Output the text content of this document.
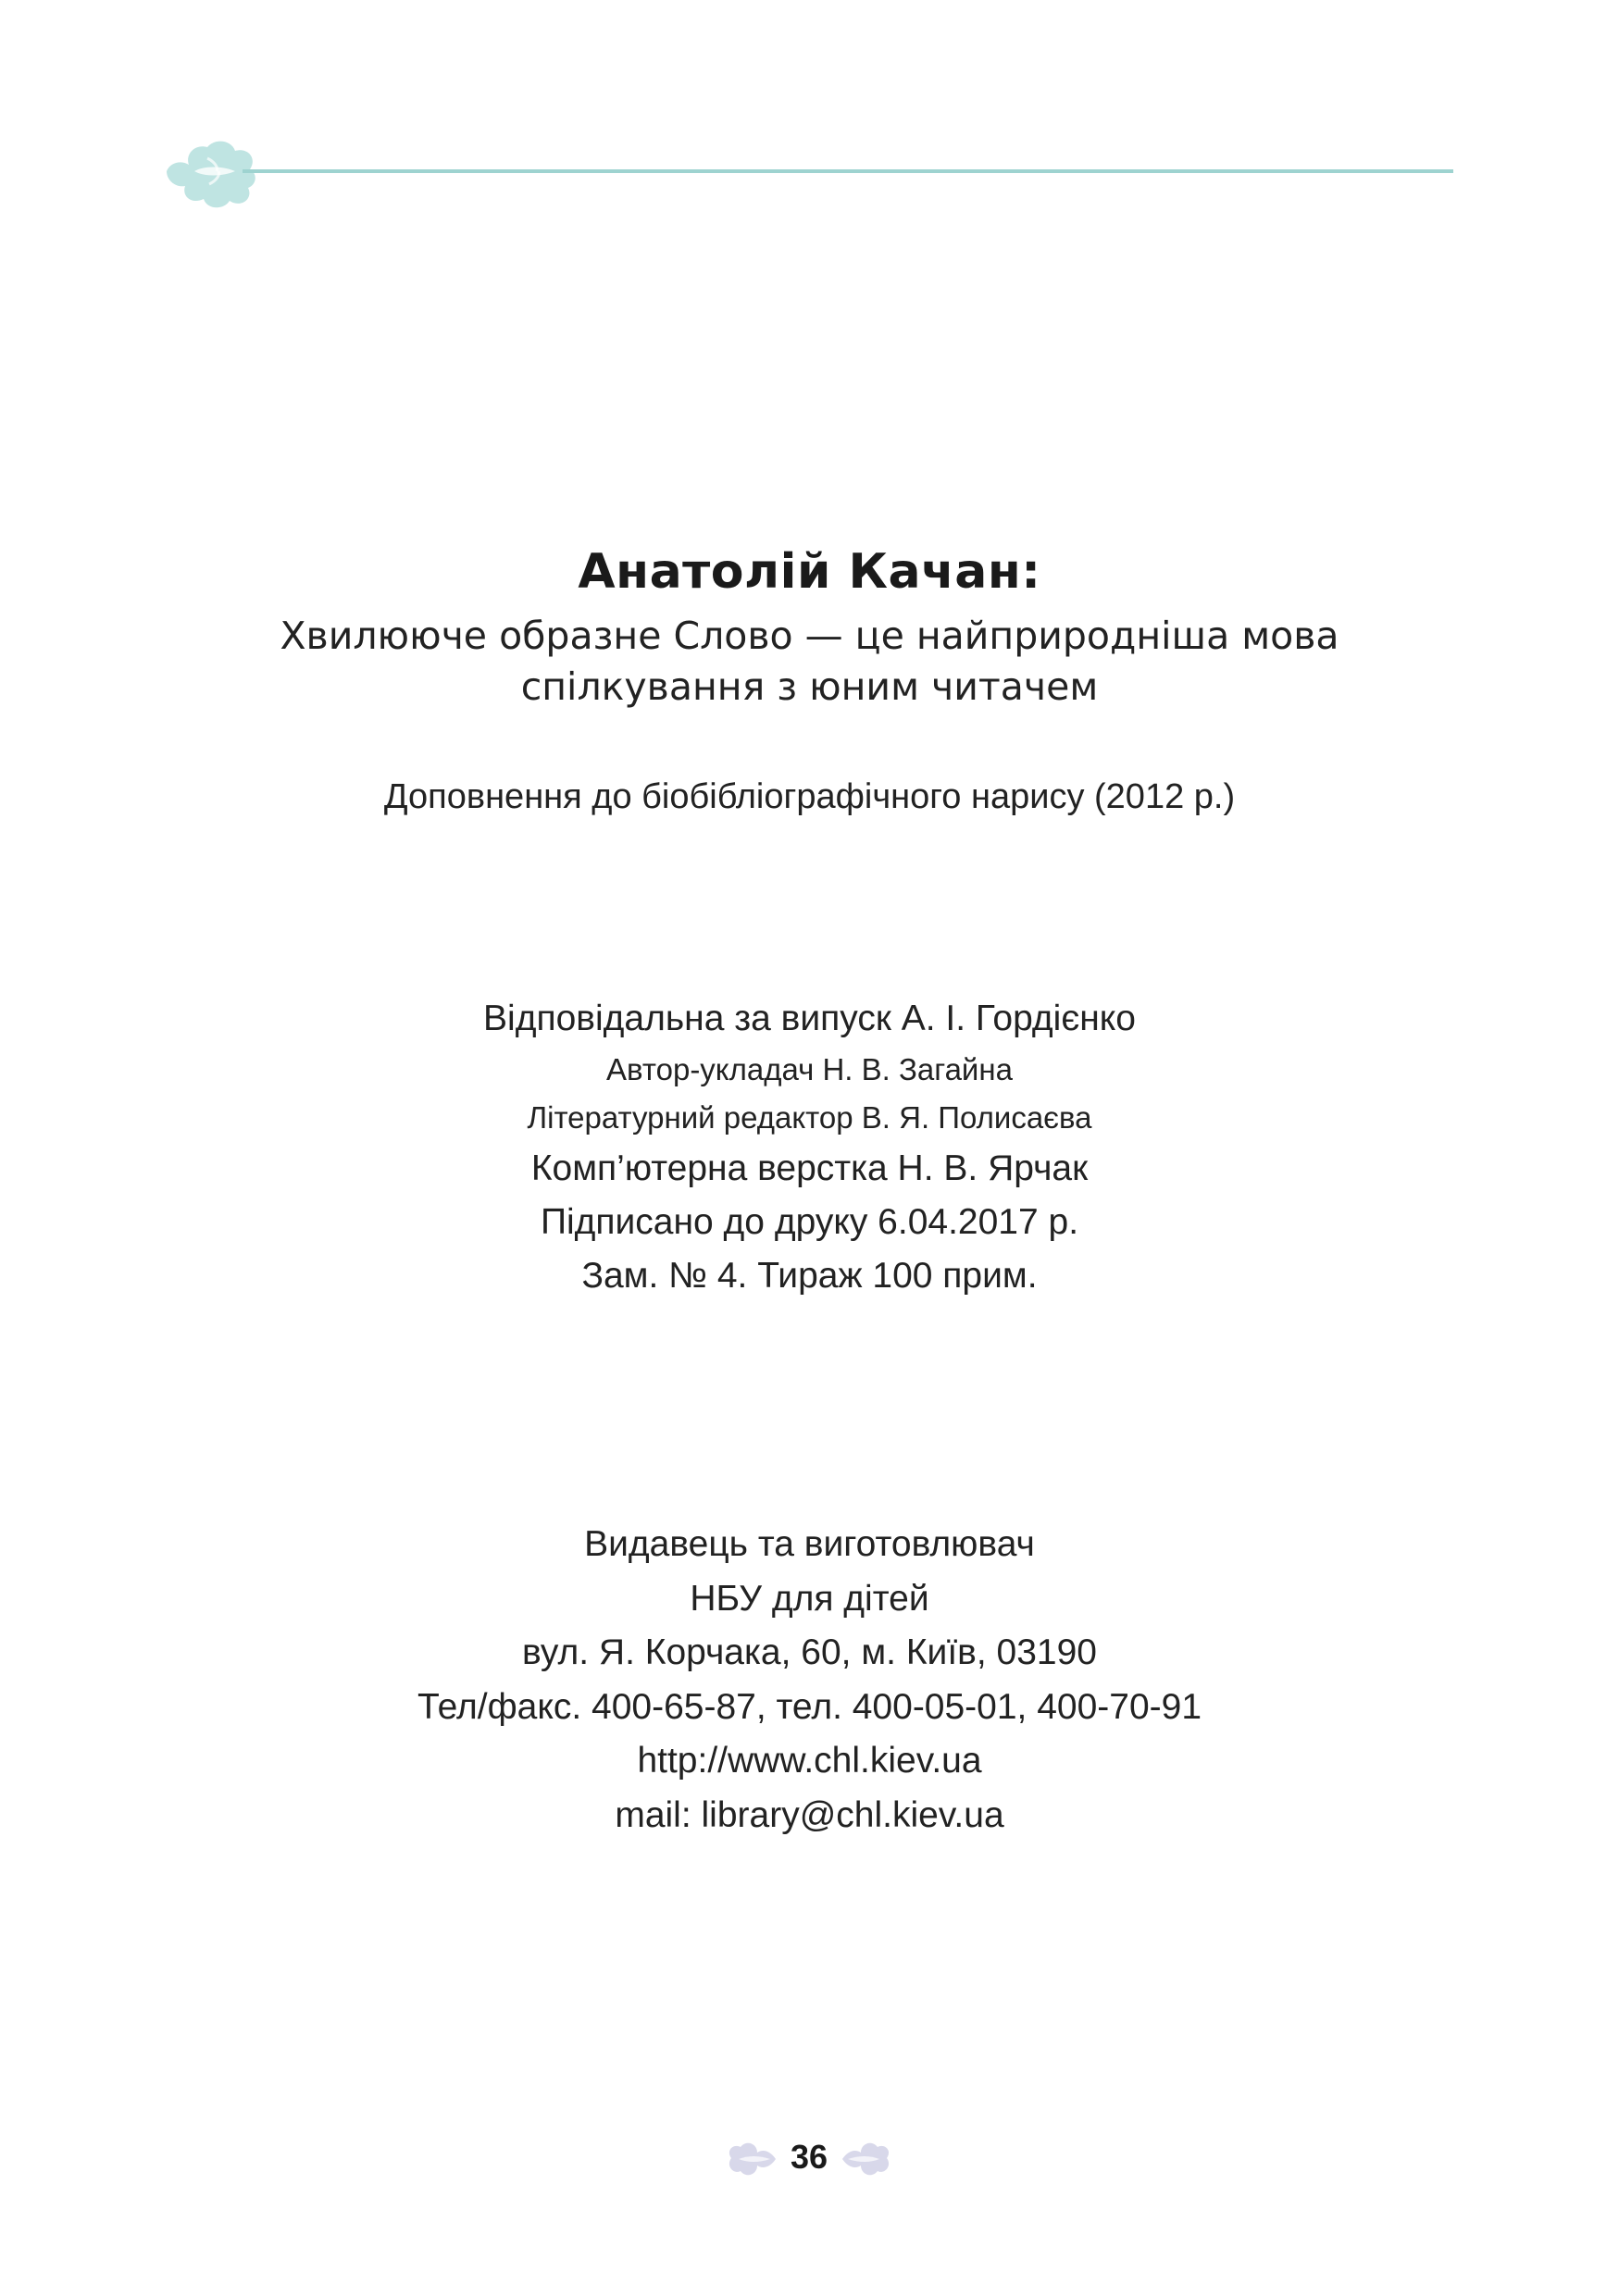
Анатолій Качан:
Хвилююче образне Слово — це найприродніша мова
спілкування з юним читачем
Доповнення до біобібліографічного нарису (2012 р.)
Відповідальна за випуск А. І. Гордієнко
Автор-укладач Н. В. Загайна
Літературний редактор В. Я. Полисаєва
Комп’ютерна верстка Н. В. Ярчак
Підписано до друку 6.04.2017 р.
Зам. № 4. Тираж 100 прим.
Видавець та виготовлювач
НБУ для дітей
вул. Я. Корчака, 60, м. Київ, 03190
Тел/факс. 400-65-87, тел. 400-05-01, 400-70-91
http://www.chl.kiev.ua
mail: library@chl.kiev.ua
36
